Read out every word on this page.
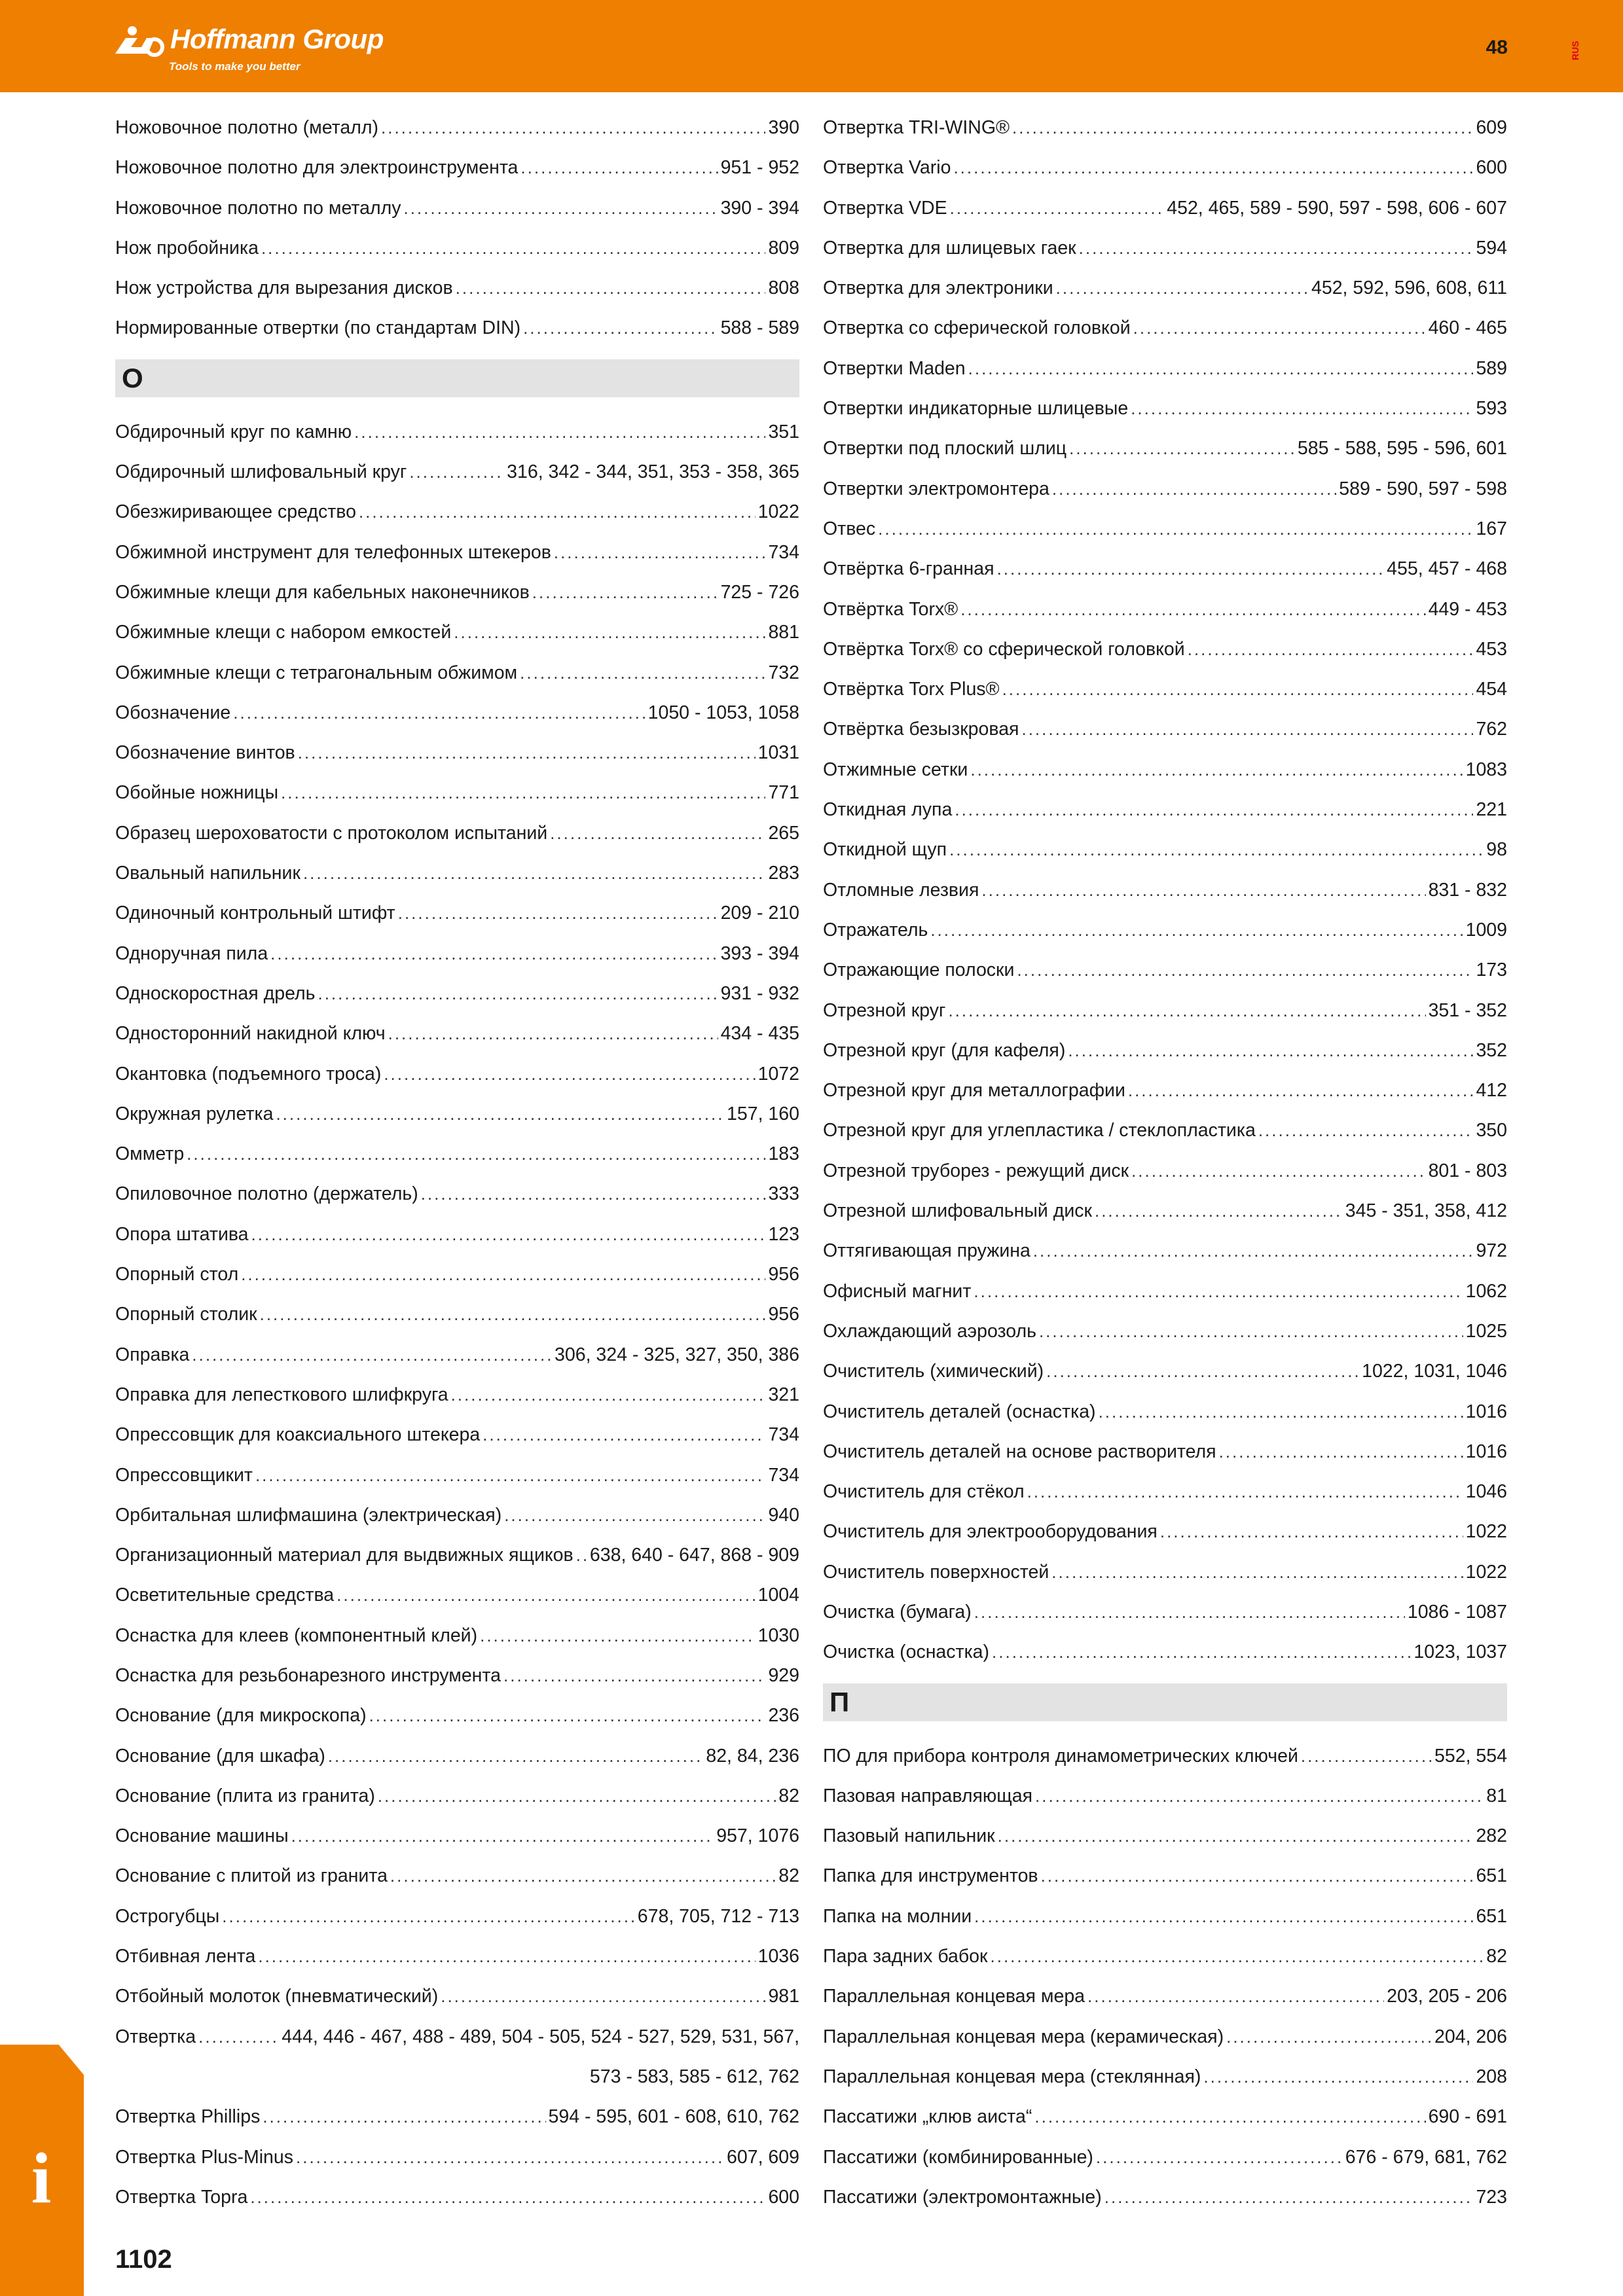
Hoffmann Group
Tools to make you better
48	RUS
Ножовочное полотно (металл) .....	390
Ножовочное полотно для электроинструмента .....	951 - 952
Ножовочное полотно по металлу .....	390 - 394
Нож пробойника .....	809
Нож устройства для вырезания дисков .....	808
Нормированные отвертки (по стандартам DIN) .....	588 - 589
О
Обдирочный круг по камню .....	351
Обдирочный шлифовальный круг .....	316, 342 - 344, 351, 353 - 358, 365
Обезжиривающее средство .....	1022
Обжимной инструмент для телефонных штекеров .....	734
Обжимные клещи для кабельных наконечников .....	725 - 726
Обжимные клещи с набором емкостей .....	881
Обжимные клещи с тетрагональным обжимом .....	732
Обозначение .....	1050 - 1053, 1058
Обозначение винтов .....	1031
Обойные ножницы .....	771
Образец шероховатости с протоколом испытаний .....	265
Овальный напильник .....	283
Одиночный контрольный штифт .....	209 - 210
Одноручная пила .....	393 - 394
Односкоростная дрель .....	931 - 932
Односторонний накидной ключ .....	434 - 435
Окантовка (подъемного троса) .....	1072
Окружная рулетка .....	157, 160
Омметр .....	183
Опиловочное полотно (держатель) .....	333
Опора штатива .....	123
Опорный стол .....	956
Опорный столик .....	956
Оправка .....	306, 324 - 325, 327, 350, 386
Оправка для лепесткового шлифкруга .....	321
Опрессовщик для коаксиального штекера .....	734
Опрессовщикит .....	734
Орбитальная шлифмашина (электрическая) .....	940
Организационный материал для выдвижных ящиков ..... 638, 640 - 647, 868 - 909
Осветительные средства .....	1004
Оснастка для клеев (компонентный клей) .....	1030
Оснастка для резьбонарезного инструмента .....	929
Основание (для микроскопа) .....	236
Основание (для шкафа) .....	82, 84, 236
Основание (плита из гранита) .....	82
Основание машины .....	957, 1076
Основание с плитой из гранита .....	82
Острогубцы .....	678, 705, 712 - 713
Отбивная лента .....	1036
Отбойный молоток (пневматический) .....	981
Отвертка .....	444, 446 - 467, 488 - 489, 504 - 505, 524 - 527, 529, 531, 567,
573 - 583, 585 - 612, 762
Отвертка Phillips .....	594 - 595, 601 - 608, 610, 762
Отвертка Plus-Minus .....	607, 609
Отвертка Topra .....	600
Отвертка TRI-WING® .....	609
Отвертка Vario .....	600
Отвертка VDE .....	452, 465, 589 - 590, 597 - 598, 606 - 607
Отвертка для шлицевых гаек .....	594
Отвертка для электроники .....	452, 592, 596, 608, 611
Отвертка со сферической головкой .....	460 - 465
Отвертки Maden .....	589
Отвертки индикаторные шлицевые .....	593
Отвертки под плоский шлиц .....	585 - 588, 595 - 596, 601
Отвертки электромонтера .....	589 - 590, 597 - 598
Отвес .....	167
Отвёртка 6-гранная .....	455, 457 - 468
Отвёртка Torx® .....	449 - 453
Отвёртка Torx® со сферической головкой .....	453
Отвёртка Torx Plus® .....	454
Отвёртка безызкровая .....	762
Отжимные сетки .....	1083
Откидная лупа .....	221
Откидной щуп .....	98
Отломные лезвия .....	831 - 832
Отражатель .....	1009
Отражающие полоски .....	173
Отрезной круг .....	351 - 352
Отрезной круг (для кафеля) .....	352
Отрезной круг для металлографии .....	412
Отрезной круг для углепластика / стеклопластика .....	350
Отрезной труборез - режущий диск .....	801 - 803
Отрезной шлифовальный диск .....	345 - 351, 358, 412
Оттягивающая пружина .....	972
Офисный магнит .....	1062
Охлаждающий аэрозоль .....	1025
Очиститель (химический) .....	1022, 1031, 1046
Очиститель деталей (оснастка) .....	1016
Очиститель деталей на основе растворителя .....	1016
Очиститель для стёкол .....	1046
Очиститель для электрооборудования .....	1022
Очиститель поверхностей .....	1022
Очистка (бумага) .....	1086 - 1087
Очистка (оснастка) .....	1023, 1037
П
ПО для прибора контроля динамометрических ключей .....	552, 554
Пазовая направляющая .....	81
Пазовый напильник .....	282
Папка для инструментов .....	651
Папка на молнии .....	651
Пара задних бабок .....	82
Параллельная концевая мера .....	203, 205 - 206
Параллельная концевая мера (керамическая) .....	204, 206
Параллельная концевая мера (стеклянная) .....	208
Пассатижи „клюв аиста“ .....	690 - 691
Пассатижи (комбинированные) .....	676 - 679, 681, 762
Пассатижи (электромонтажные) .....	723
i
1102
